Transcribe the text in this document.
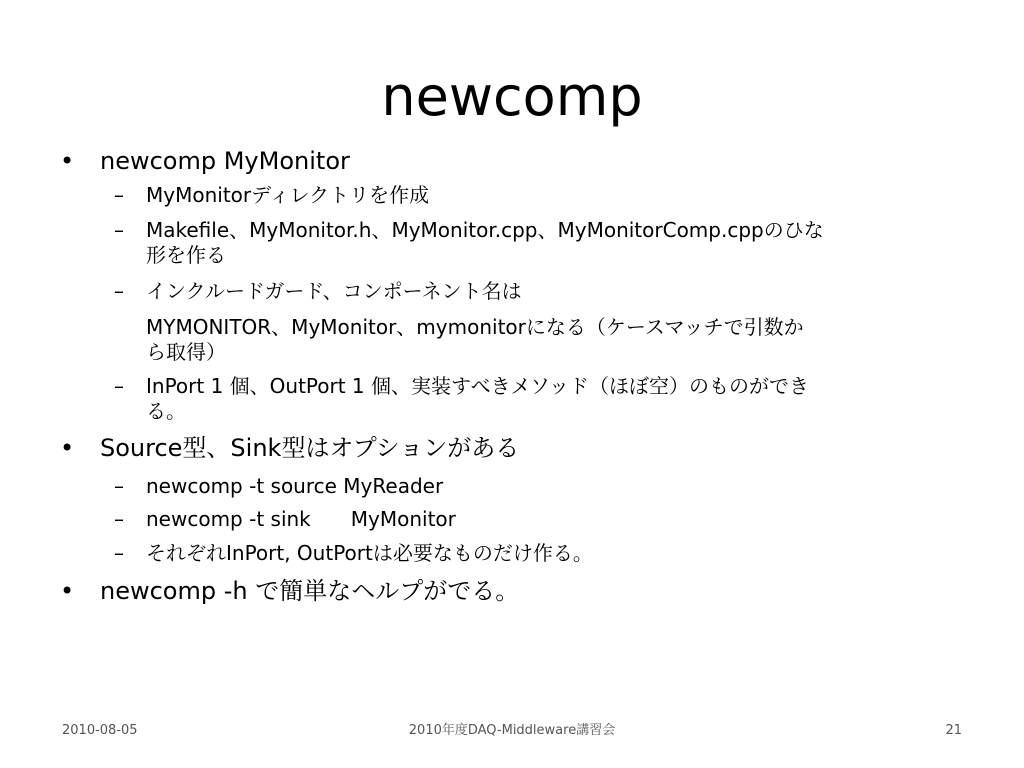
newcomp
• newcomp MyMonitor
– MyMonitorディレクトリを作成
– Makefile、MyMonitor.h、MyMonitor.cpp、MyMonitorComp.cppのひな
形を作る
– インクルードガード、コンポーネント名は
MYMONITOR、MyMonitor、mymonitorになる（ケースマッチで引数か
ら取得）
– InPort 1 個、OutPort 1 個、実装すべきメソッド（ほぼ空）のものができ
る。
• Source型、Sink型はオプションがある
– newcomp -t source MyReader
– newcomp -t sink MyMonitor
– それぞれInPort, OutPortは必要なものだけ作る。
• newcomp -h で簡単なヘルプがでる。
2010-08-05	2010年度DAQ-Middleware講習会	21
